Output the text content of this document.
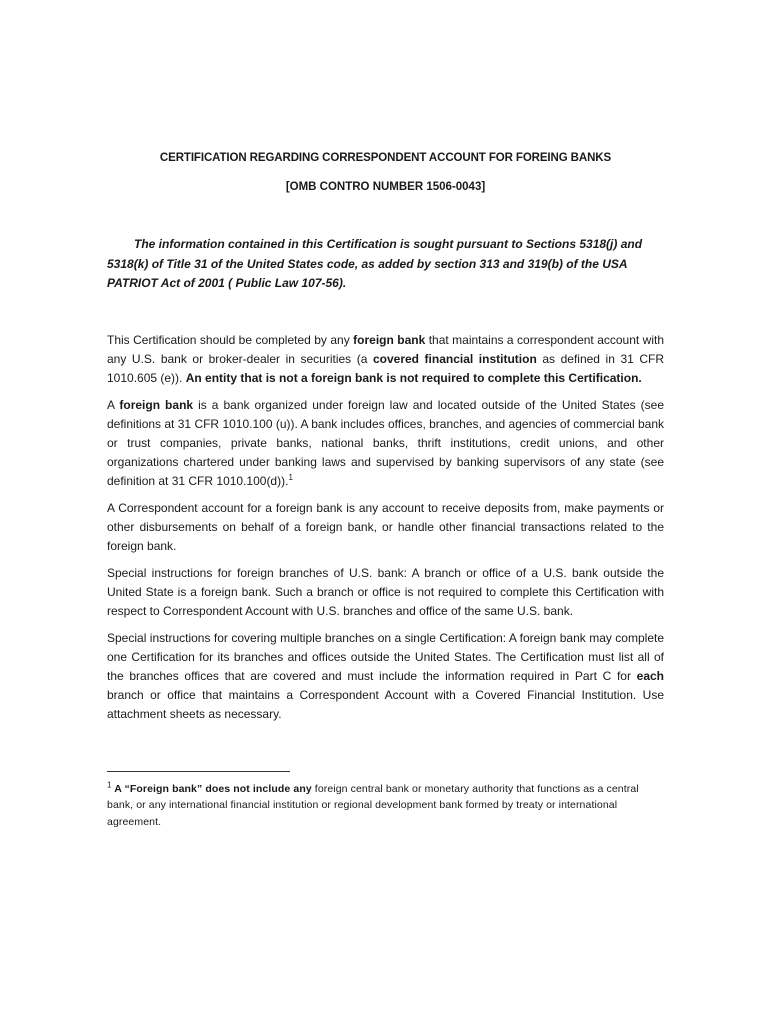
CERTIFICATION REGARDING CORRESPONDENT ACCOUNT FOR FOREING BANKS

[OMB CONTRO NUMBER 1506-0043]

The information contained in this Certification is sought pursuant to Sections 5318(j) and 5318(k) of Title 31 of the United States code, as added by section 313 and 319(b) of the USA PATRIOT Act of 2001 ( Public Law 107-56).

This Certification should be completed by any foreign bank that maintains a correspondent account with any U.S. bank or broker-dealer in securities (a covered financial institution as defined in 31 CFR 1010.605 (e)). An entity that is not a foreign bank is not required to complete this Certification.

A foreign bank is a bank organized under foreign law and located outside of the United States (see definitions at 31 CFR 1010.100 (u)). A bank includes offices, branches, and agencies of commercial bank or trust companies, private banks, national banks, thrift institutions, credit unions, and other organizations chartered under banking laws and supervised by banking supervisors of any state (see definition at 31 CFR 1010.100(d)).$^1$

A Correspondent account for a foreign bank is any account to receive deposits from, make payments or other disbursements on behalf of a foreign bank, or handle other financial transactions related to the foreign bank.

Special instructions for foreign branches of U.S. bank: A branch or office of a U.S. bank outside the United State is a foreign bank. Such a branch or office is not required to complete this Certification with respect to Correspondent Account with U.S. branches and office of the same U.S. bank.

Special instructions for covering multiple branches on a single Certification: A foreign bank may complete one Certification for its branches and offices outside the United States. The Certification must list all of the branches offices that are covered and must include the information required in Part C for each branch or office that maintains a Correspondent Account with a Covered Financial Institution. Use attachment sheets as necessary.

$^1$ A “Foreign bank” does not include any foreign central bank or monetary authority that functions as a central bank, or any international financial institution or regional development bank formed by treaty or international agreement.
